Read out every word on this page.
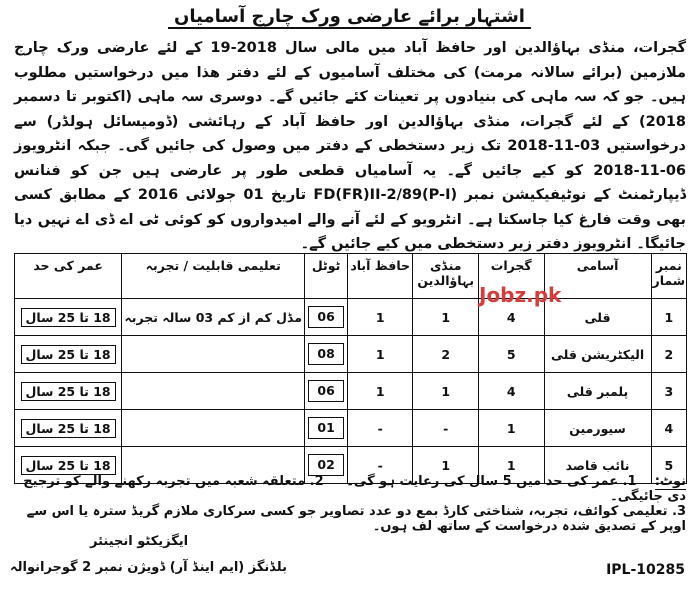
اشتہار برائے عارضی ورک چارج آسامیاں

گجرات، منڈی بہاؤالدین اور حافظ آباد میں مالی سال 2018-19 کے لئے عارضی ورک چارج ملازمین (برائے سالانہ مرمت) کی مختلف آسامیوں کے لئے دفتر ھذا میں درخواستیں مطلوب ہیں۔ جو کہ سہ ماہی کی بنیادوں پر تعینات کئے جائیں گے۔ دوسری سہ ماہی (اکتوبر تا دسمبر 2018) کے لئے گجرات، منڈی بہاؤالدین اور حافظ آباد کے رہائشی (ڈومیسائل ہولڈر) سے درخواستیں 03-11-2018 تک زیر دستخطی کے دفتر میں وصول کی جائیں گی۔ جبکہ انٹرویوز 06-11-2018 کو کیے جائیں گے۔ یہ آسامیاں قطعی طور پر عارضی ہیں جن کو فنانس ڈیپارٹمنٹ کے نوٹیفیکیشن نمبر FD(FR)II-2/89(P-I) تاریخ 01 جولائی 2016 کے مطابق کسی بھی وقت فارغ کیا جاسکتا ہے۔ انٹرویو کے لئے آنے والے امیدواروں کو کوئی ٹی اے ڈی اے نہیں دیا جائیگا۔ انٹرویوز دفتر زیر دستخطی میں کیے جائیں گے۔

نمبر شمار	آسامی	گجرات	منڈی بہاؤالدین	حافظ آباد	ٹوٹل	تعلیمی قابلیت / تجربہ	عمر کی حد
1	قلی	4	1	1	06	مڈل کم از کم 03 سالہ تجربہ	18 تا 25 سال
2	الیکٹریشن قلی	5	2	1	08		18 تا 25 سال
3	پلمبر قلی	4	1	1	06		18 تا 25 سال
4	سیورمین	1	-	-	01		18 تا 25 سال
5	نائب قاصد	1	1	-	02		18 تا 25 سال
Jobz.pk
نوٹ:    1. عمر کی حد میں 5 سال کی رعایت ہو گی۔     2. متعلقہ شعبہ میں تجربہ رکھنے والے کو ترجیح دی جائیگی۔
3. تعلیمی کوائف، تجربہ، شناختی کارڈ بمع دو عدد تصاویر جو کسی سرکاری ملازم گریڈ سترہ یا اس سے اوپر کے تصدیق شدہ درخواست کے ساتھ لف ہوں۔
ایگزیکٹو انجینئر
بلڈنگز (ایم اینڈ آر) ڈویژن نمبر 2 گوجرانوالہ	IPL-10285
